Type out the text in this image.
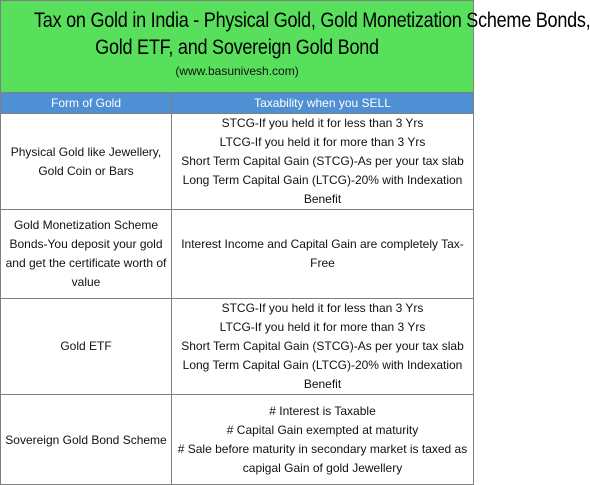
Tax on Gold in India - Physical Gold, Gold Monetization Scheme Bonds,
Gold ETF, and Sovereign Gold Bond
(www.basunivesh.com)
Form of Gold	Taxability when you SELL

Physical Gold like Jewellery,
Gold Coin or Bars	STCG-If you held it for less than 3 Yrs
LTCG-If you held it for more than 3 Yrs
Short Term Capital Gain (STCG)-As per your tax slab
Long Term Capital Gain (LTCG)-20% with Indexation
Benefit

Gold Monetization Scheme
Bonds-You deposit your gold
and get the certificate worth of
value	Interest Income and Capital Gain are completely Tax-
Free

Gold ETF	STCG-If you held it for less than 3 Yrs
LTCG-If you held it for more than 3 Yrs
Short Term Capital Gain (STCG)-As per your tax slab
Long Term Capital Gain (LTCG)-20% with Indexation
Benefit

Sovereign Gold Bond Scheme	# Interest is Taxable
# Capital Gain exempted at maturity
# Sale before maturity in secondary market is taxed as
capigal Gain of gold Jewellery
